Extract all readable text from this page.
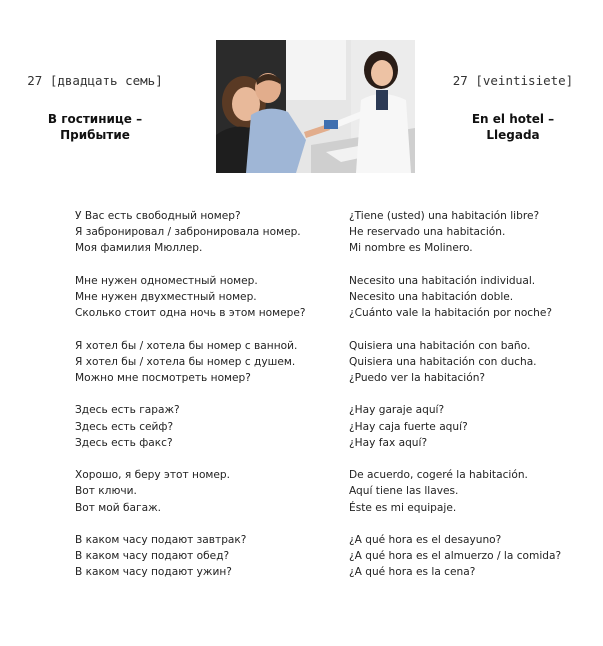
27 [двадцать семь]
В гостинице –
Прибытие
27 [veintisiete]
En el hotel –
Llegada
У Вас есть свободный номер?
Я забронировал / забронировала номер.
Моя фамилия Мюллер.
Мне нужен одноместный номер.
Мне нужен двухместный номер.
Сколько стоит одна ночь в этом номере?
Я хотел бы / хотела бы номер с ванной.
Я хотел бы / хотела бы номер с душем.
Можно мне посмотреть номер?
Здесь есть гараж?
Здесь есть сейф?
Здесь есть факс?
Хорошо, я беру этот номер.
Вот ключи.
Вот мой багаж.
В каком часу подают завтрак?
В каком часу подают обед?
В каком часу подают ужин?
¿Tiene (usted) una habitación libre?
He reservado una habitación.
Mi nombre es Molinero.
Necesito una habitación individual.
Necesito una habitación doble.
¿Cuánto vale la habitación por noche?
Quisiera una habitación con baño.
Quisiera una habitación con ducha.
¿Puedo ver la habitación?
¿Hay garaje aquí?
¿Hay caja fuerte aquí?
¿Hay fax aquí?
De acuerdo, cogeré la habitación.
Aquí tiene las llaves.
Éste es mi equipaje.
¿A qué hora es el desayuno?
¿A qué hora es el almuerzo / la comida?
¿A qué hora es la cena?
